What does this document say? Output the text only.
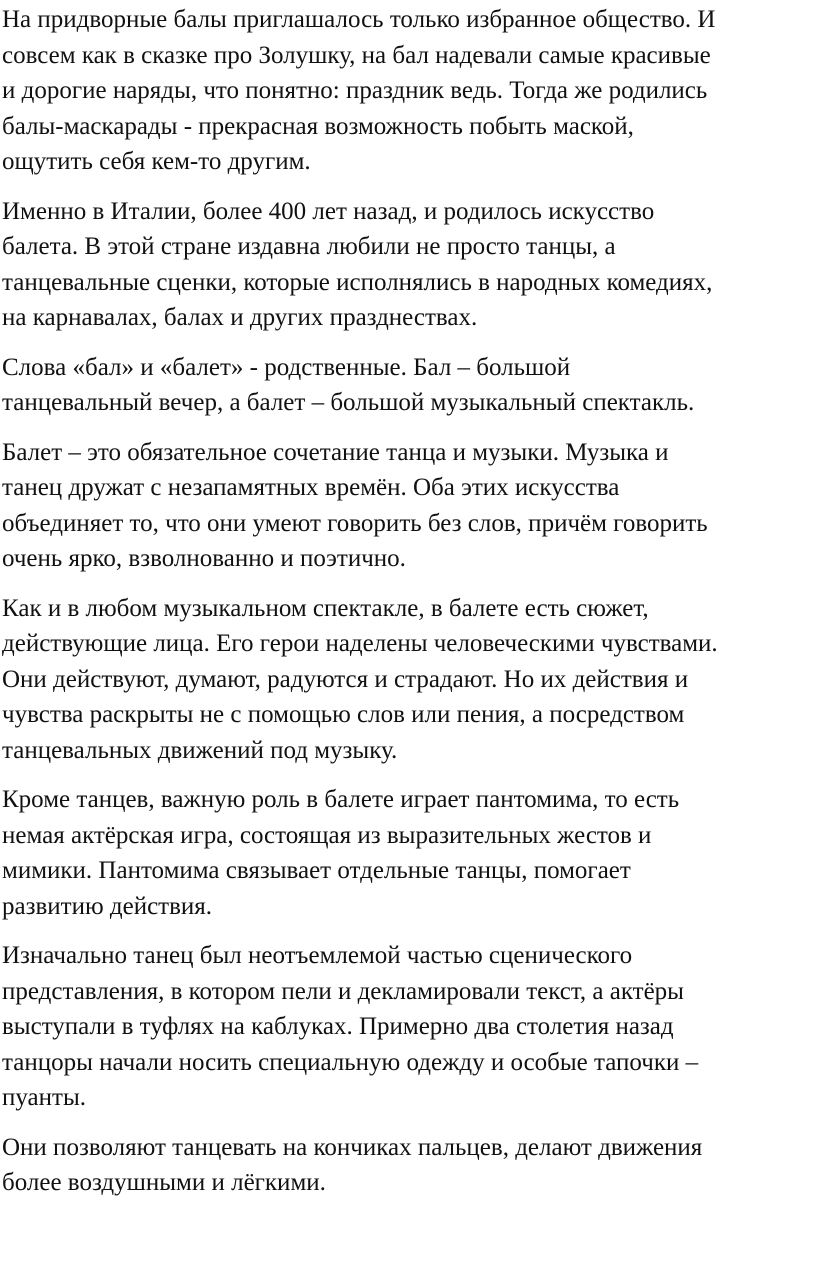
На придворные балы приглашалось только избранное общество. И
совсем как в сказке про Золушку, на бал надевали самые красивые
и дорогие наряды, что понятно: праздник ведь. Тогда же родились
балы-маскарады - прекрасная возможность побыть маской,
ощутить себя кем-то другим.

Именно в Италии, более 400 лет назад, и родилось искусство
балета. В этой стране издавна любили не просто танцы, а
танцевальные сценки, которые исполнялись в народных комедиях,
на карнавалах, балах и других празднествах.

Слова «бал» и «балет» - родственные. Бал – большой
танцевальный вечер, а балет – большой музыкальный спектакль.

Балет – это обязательное сочетание танца и музыки. Музыка и
танец дружат с незапамятных времён. Оба этих искусства
объединяет то, что они умеют говорить без слов, причём говорить
очень ярко, взволнованно и поэтично.

Как и в любом музыкальном спектакле, в балете есть сюжет,
действующие лица. Его герои наделены человеческими чувствами.
Они действуют, думают, радуются и страдают. Но их действия и
чувства раскрыты не с помощью слов или пения, а посредством
танцевальных движений под музыку.

Кроме танцев, важную роль в балете играет пантомима, то есть
немая актёрская игра, состоящая из выразительных жестов и
мимики. Пантомима связывает отдельные танцы, помогает
развитию действия.

Изначально танец был неотъемлемой частью сценического
представления, в котором пели и декламировали текст, а актёры
выступали в туфлях на каблуках. Примерно два столетия назад
танцоры начали носить специальную одежду и особые тапочки –
пуанты.

Они позволяют танцевать на кончиках пальцев, делают движения
более воздушными и лёгкими.
